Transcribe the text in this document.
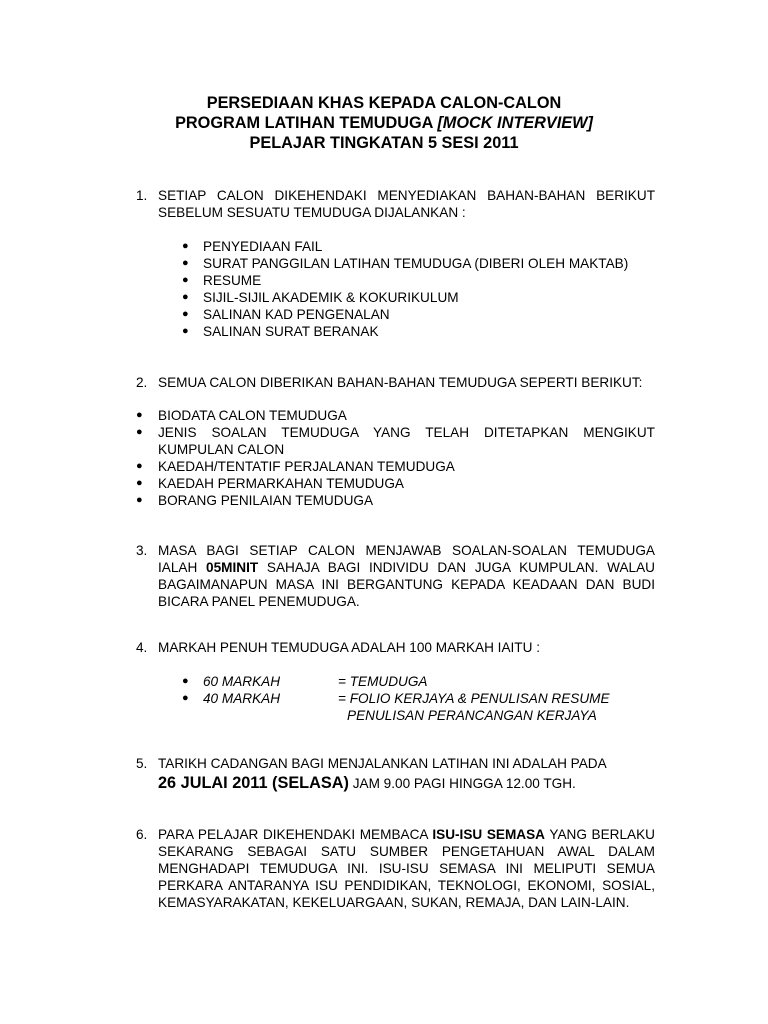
PERSEDIAAN KHAS KEPADA CALON-CALON
PROGRAM LATIHAN TEMUDUGA [MOCK INTERVIEW]
PELAJAR TINGKATAN 5 SESI 2011
1. SETIAP CALON DIKEHENDAKI MENYEDIAKAN BAHAN-BAHAN BERIKUT SEBELUM SESUATU TEMUDUGA DIJALANKAN :
● PENYEDIAAN FAIL
● SURAT PANGGILAN LATIHAN TEMUDUGA (DIBERI OLEH MAKTAB)
● RESUME
● SIJIL-SIJIL AKADEMIK & KOKURIKULUM
● SALINAN KAD PENGENALAN
● SALINAN SURAT BERANAK
2. SEMUA CALON DIBERIKAN BAHAN-BAHAN TEMUDUGA SEPERTI BERIKUT:
● BIODATA CALON TEMUDUGA
● JENIS SOALAN TEMUDUGA YANG TELAH DITETAPKAN MENGIKUT KUMPULAN CALON
● KAEDAH/TENTATIF PERJALANAN TEMUDUGA
● KAEDAH PERMARKAHAN TEMUDUGA
● BORANG PENILAIAN TEMUDUGA
3. MASA BAGI SETIAP CALON MENJAWAB SOALAN-SOALAN TEMUDUGA IALAH 05MINIT SAHAJA BAGI INDIVIDU DAN JUGA KUMPULAN. WALAU BAGAIMANAPUN MASA INI BERGANTUNG KEPADA KEADAAN DAN BUDI BICARA PANEL PENEMUDUGA.
4. MARKAH PENUH TEMUDUGA ADALAH 100 MARKAH IAITU :
● 60 MARKAH	= TEMUDUGA
● 40 MARKAH	= FOLIO KERJAYA & PENULISAN RESUME
PENULISAN PERANCANGAN KERJAYA
5. TARIKH CADANGAN BAGI MENJALANKAN LATIHAN INI ADALAH PADA

26 JULAI 2011 (SELASA) JAM 9.00 PAGI HINGGA 12.00 TGH.

6. PARA PELAJAR DIKEHENDAKI MEMBACA ISU-ISU SEMASA YANG BERLAKU SEKARANG SEBAGAI SATU SUMBER PENGETAHUAN AWAL DALAM MENGHADAPI TEMUDUGA INI. ISU-ISU SEMASA INI MELIPUTI SEMUA PERKARA ANTARANYA ISU PENDIDIKAN, TEKNOLOGI, EKONOMI, SOSIAL, KEMASYARAKATAN, KEKELUARGAAN, SUKAN, REMAJA, DAN LAIN-LAIN.
